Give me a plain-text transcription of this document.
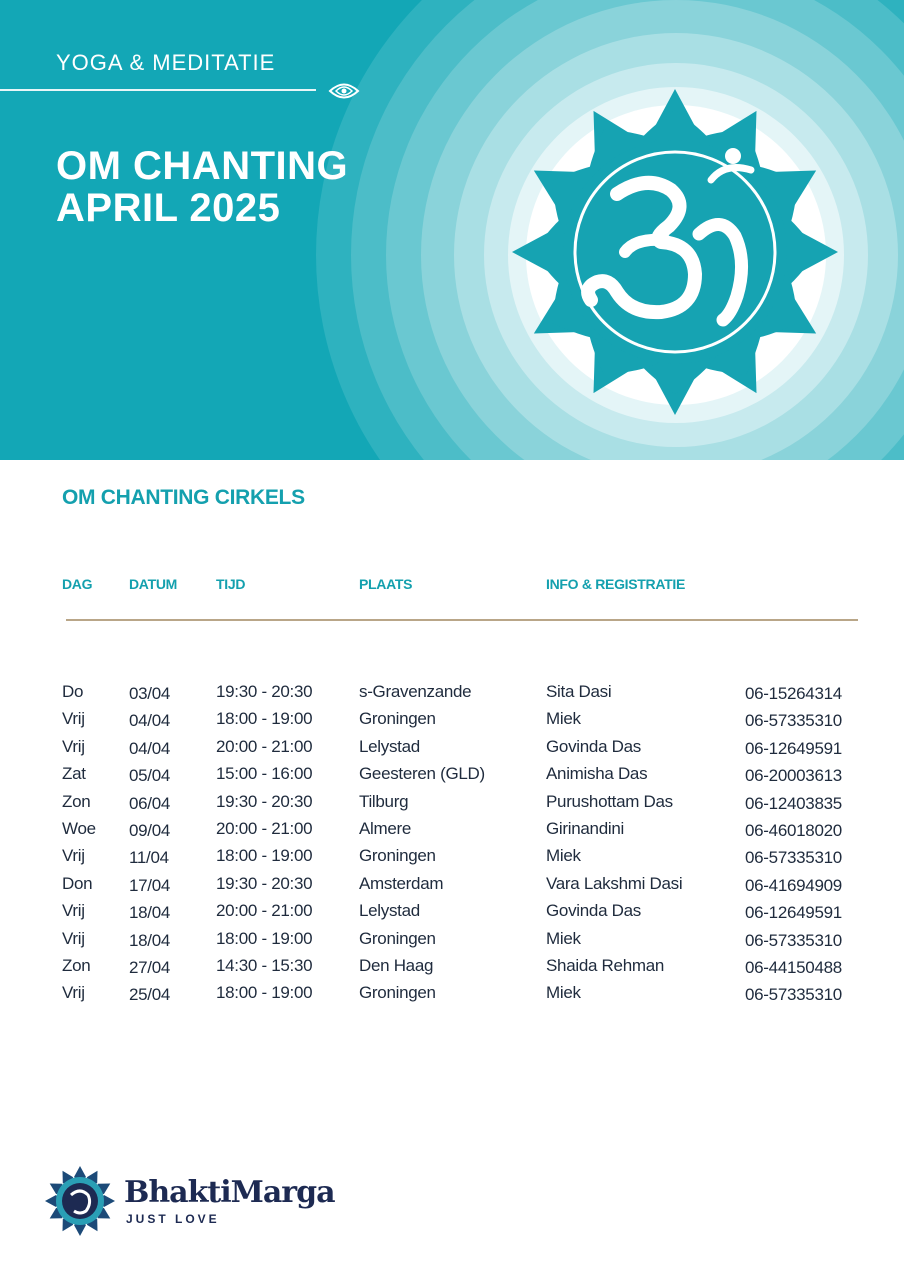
YOGA & MEDITATIE
OM CHANTING
APRIL 2025
OM CHANTING CIRKELS
DAG	DATUM	TIJD	PLAATS	INFO & REGISTRATIE
Do	03/04	19:30 - 20:30	s-Gravenzande	Sita Dasi	06-15264314
Vrij	04/04	18:00 - 19:00	Groningen	Miek	06-57335310
Vrij	04/04	20:00 - 21:00	Lelystad	Govinda Das	06-12649591
Zat	05/04	15:00 - 16:00	Geesteren (GLD)	Animisha Das	06-20003613
Zon 06/04	19:30 - 20:30	Tilburg	Purushottam Das	06-12403835
Woe 09/04	20:00 - 21:00	Almere	Girinandini	06-46018020
Vrij	11/04	18:00 - 19:00	Groningen	Miek	06-57335310
Don 17/04	19:30 - 20:30	Amsterdam	Vara Lakshmi Dasi	06-41694909
Vrij	18/04	20:00 - 21:00	Lelystad	Govinda Das	06-12649591
Vrij	18/04	18:00 - 19:00	Groningen	Miek	06-57335310
Zon 27/04	14:30 - 15:30	Den Haag	Shaida Rehman	06-44150488
Vrij	25/04	18:00 - 19:00	Groningen	Miek	06-57335310
BhaktiMarga
JUST LOVE
